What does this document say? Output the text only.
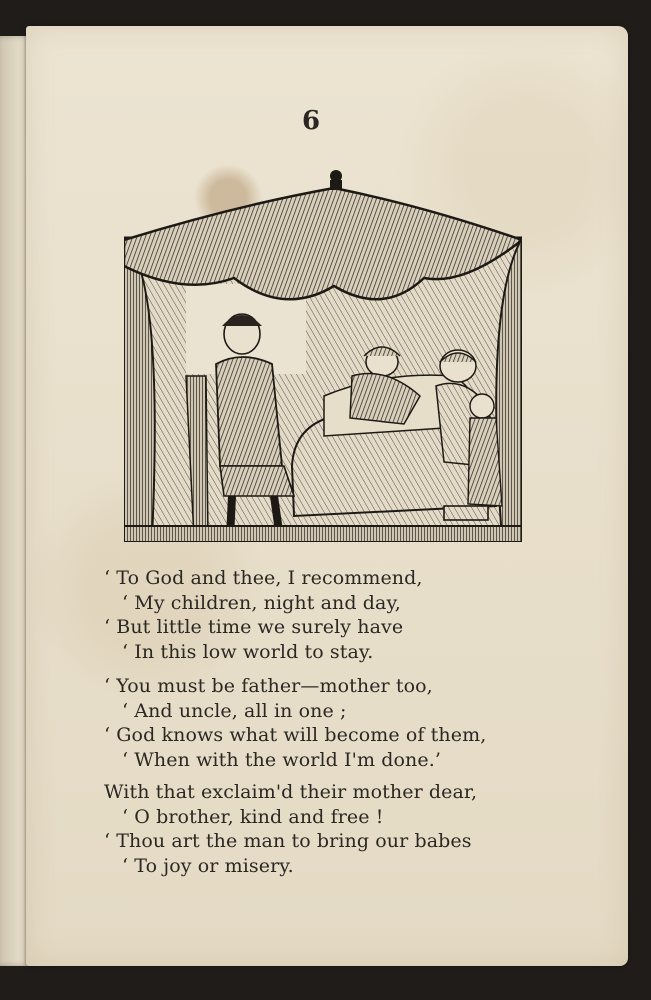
6
‘ To God and thee, I recommend,
‘ My children, night and day,
‘ But little time we surely have
‘ In this low world to stay.
‘ You must be father—mother too,
‘ And uncle, all in one ;
‘ God knows what will become of them,
‘ When with the world I'm done.’
With that exclaim'd their mother dear,
‘ O brother, kind and free !
‘ Thou art the man to bring our babes
‘ To joy or misery.
